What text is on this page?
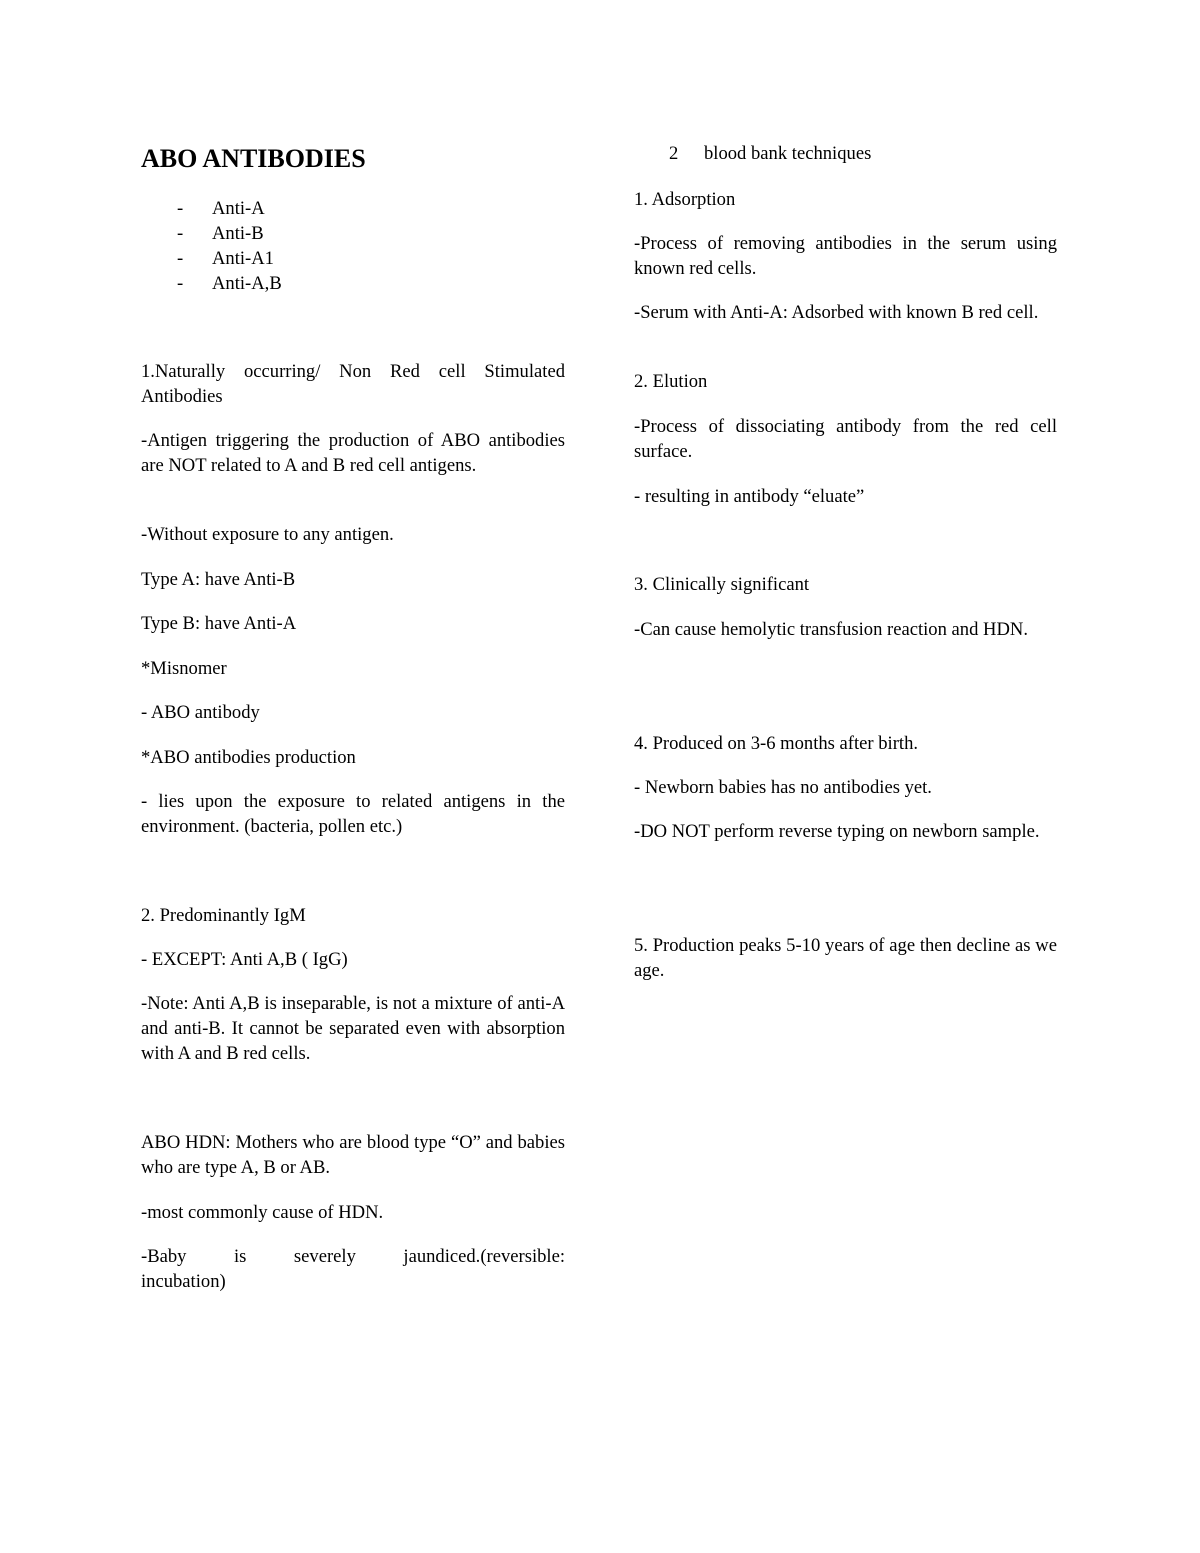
ABO ANTIBODIES
- Anti-A
- Anti-B
- Anti-A1
- Anti-A,B

1.Naturally occurring/ Non Red cell Stimulated Antibodies

-Antigen triggering the production of ABO antibodies are NOT related to A and B red cell antigens.

-Without exposure to any antigen.

Type A: have Anti-B

Type B: have Anti-A

*Misnomer

- ABO antibody

*ABO antibodies production

- lies upon the exposure to related antigens in the environment. (bacteria, pollen etc.)

2. Predominantly IgM

- EXCEPT: Anti A,B ( IgG)

-Note: Anti A,B is inseparable, is not a mixture of anti-A and anti-B. It cannot be separated even with absorption with A and B red cells.

ABO HDN: Mothers who are blood type “O” and babies who are type A, B or AB.

-most commonly cause of HDN.

-Baby is severely jaundiced.(reversible:

incubation)

2 blood bank techniques

1. Adsorption

-Process of removing antibodies in the serum using known red cells.

-Serum with Anti-A: Adsorbed with known B red cell.

2. Elution

-Process of dissociating antibody from the red cell surface.

- resulting in antibody “eluate”

3. Clinically significant

-Can cause hemolytic transfusion reaction and HDN.

4. Produced on 3-6 months after birth.

- Newborn babies has no antibodies yet.

-DO NOT perform reverse typing on newborn sample.

5. Production peaks 5-10 years of age then decline as we age.
